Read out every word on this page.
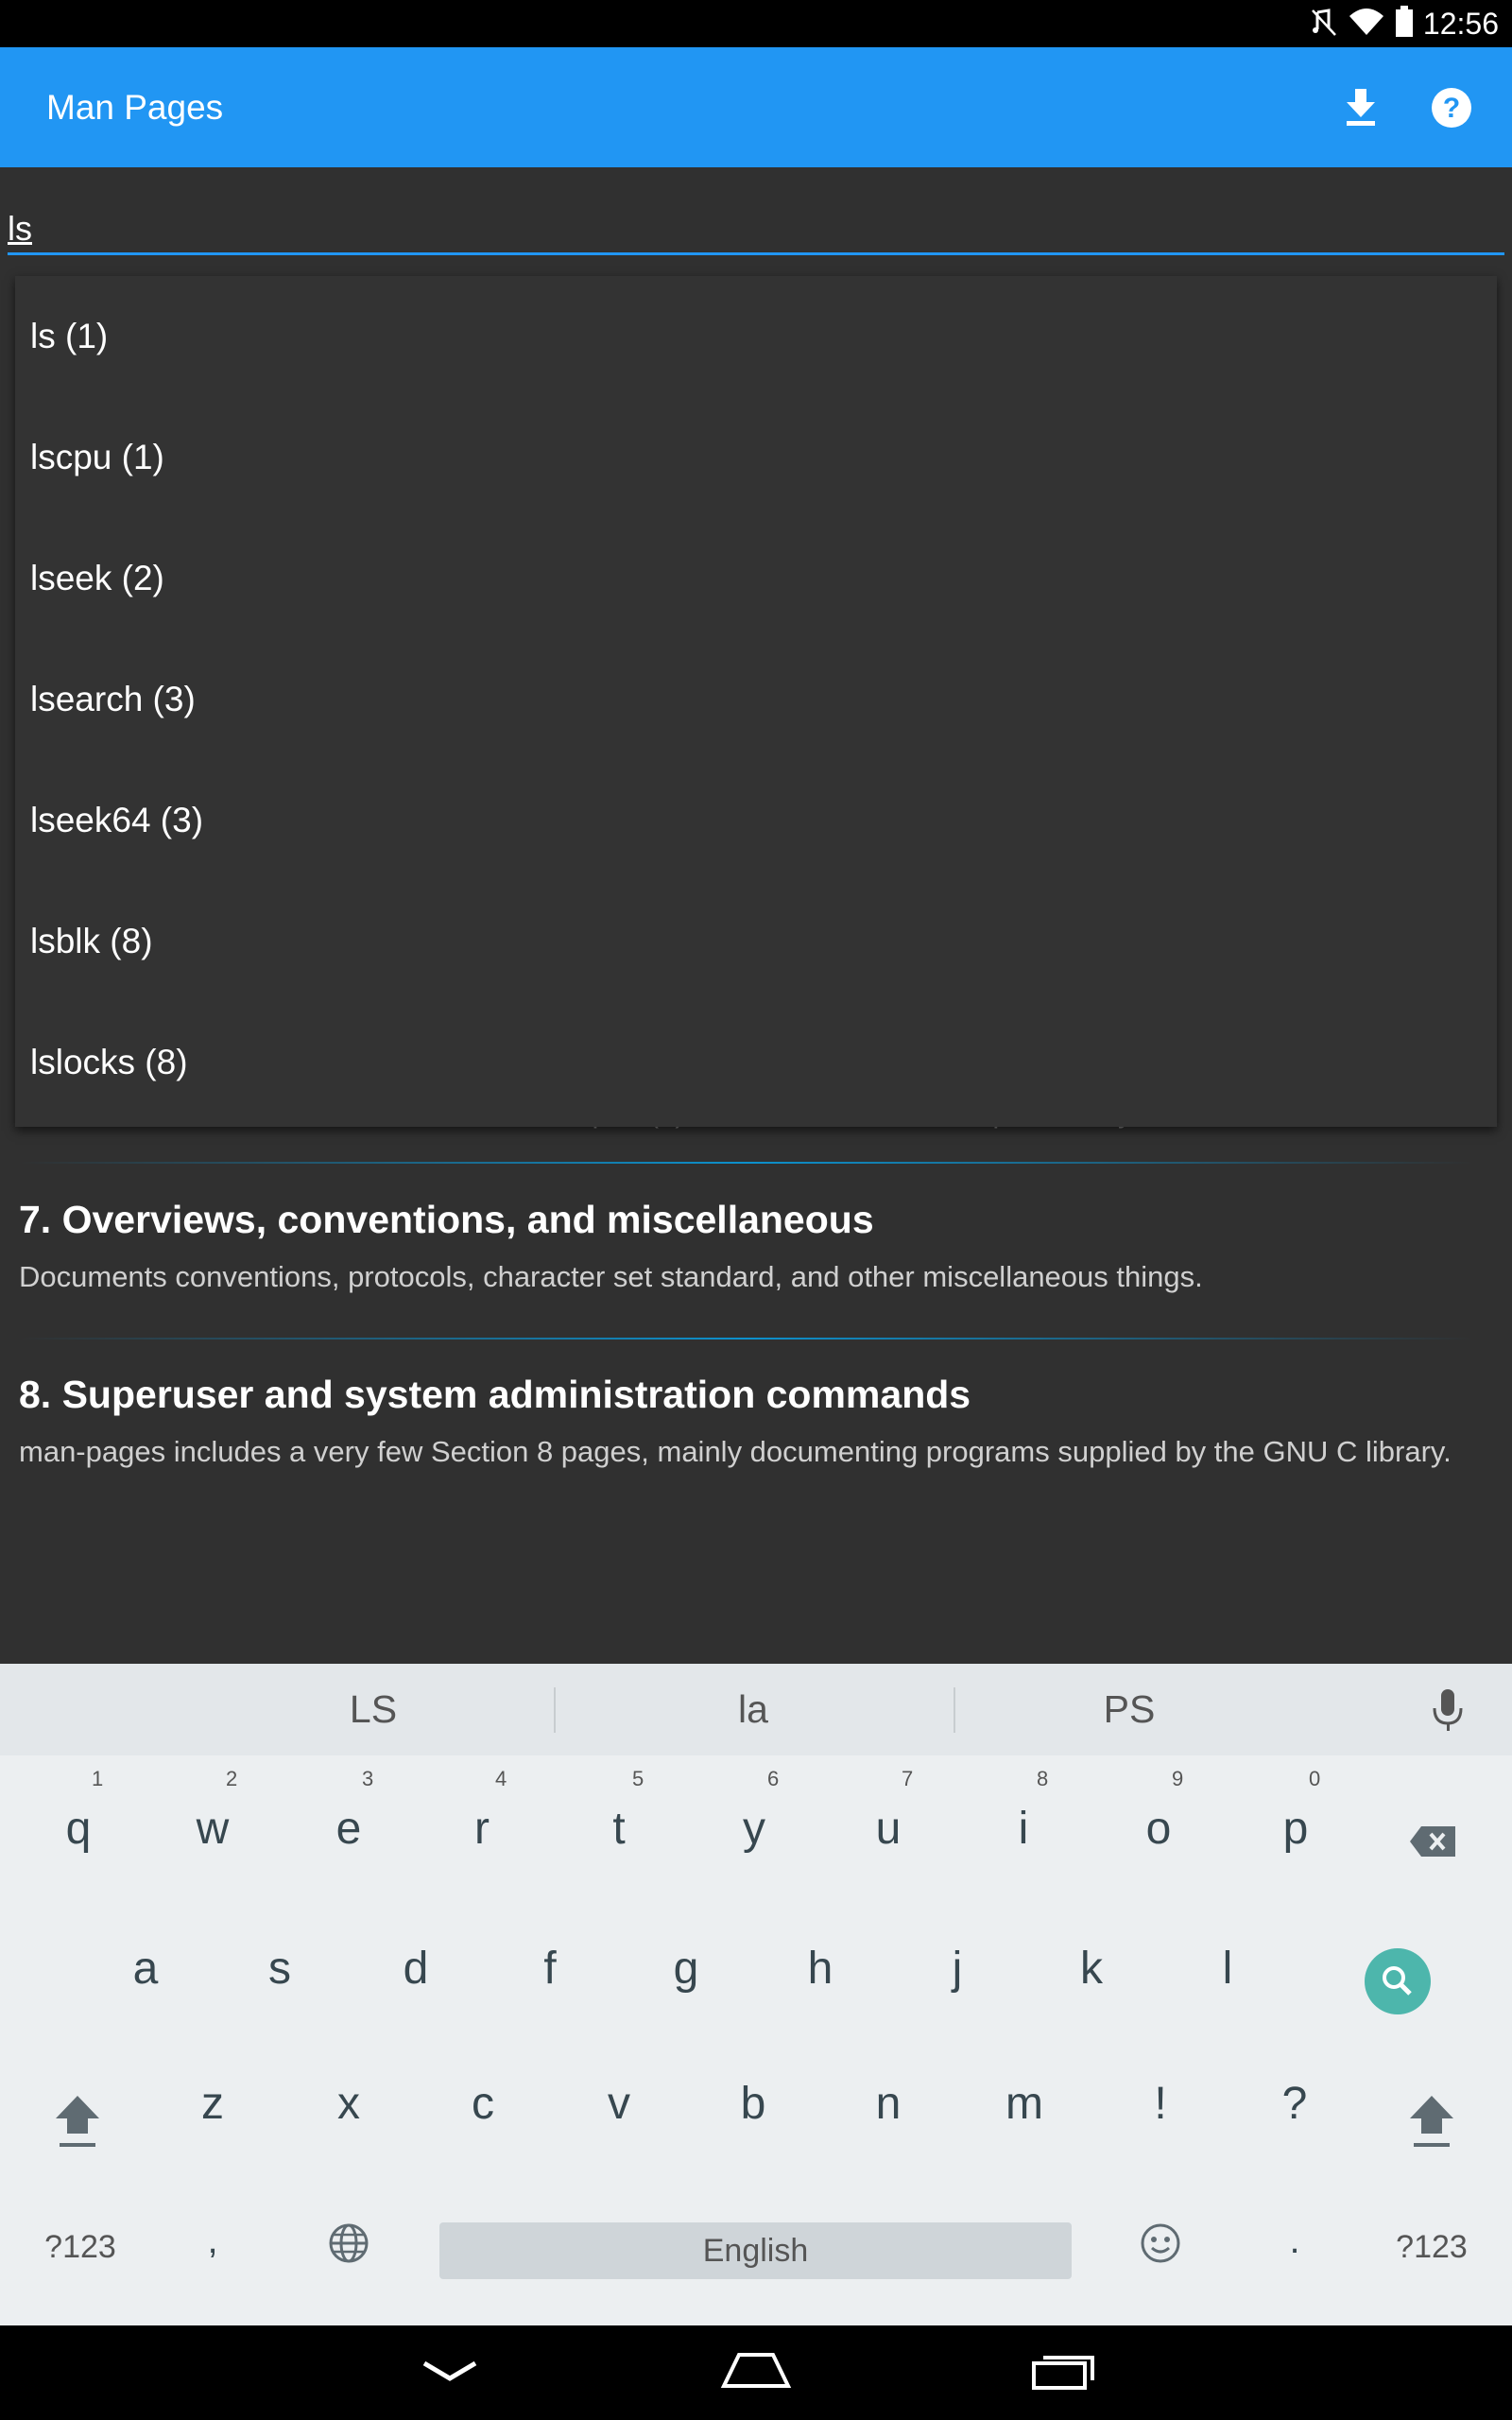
12:56
Man Pages	?
ls
7. Overviews, conventions, and miscellaneous
Documents conventions, protocols, character set standard, and other miscellaneous things.
8. Superuser and system administration commands
man-pages includes a very few Section 8 pages, mainly documenting programs supplied by the GNU C library.
ls (1)
lscpu (1)
lseek (2)
lsearch (3)
lseek64 (3)
lsblk (8)
lslocks (8)
LS	la	PS
1
q
2
w
3
e
4
r
5
t
6
y
7
u
8
i
9
o
0
p
a s d	f	g h	j	k	l
z	x c	v b n m !	?
?123	,	English	.	?123
